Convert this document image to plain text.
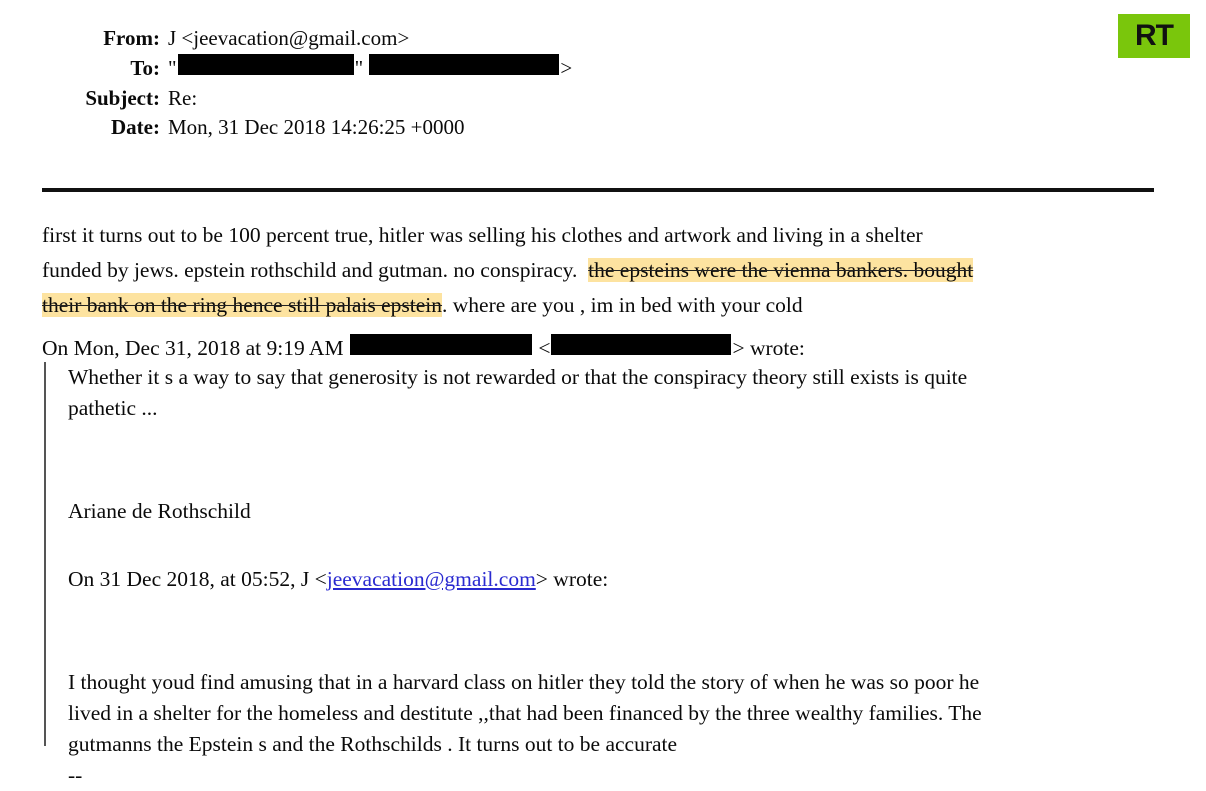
RT
From: J <jeevacation@gmail.com>
To: "	"
	>
Subject: Re:
Date: Mon, 31 Dec 2018 14:26:25 +0000

first it turns out to be 100 percent true, hitler was selling his clothes and artwork and living in a shelter

funded by jews. epstein rothschild and gutman. no conspiracy. the epsteins were the vienna bankers. bought

their bank on the ring hence still palais epstein. where are you , im in bed with your cold

On Mon, Dec 31, 2018 at 9:19 AM

	<	> wrote:

Whether it s a way to say that generosity is not rewarded or that the conspiracy theory still exists is quite

pathetic ...

Ariane de Rothschild

On 31 Dec 2018, at 05:52, J <jeevacation@gmail.com> wrote:

I thought youd find amusing that in a harvard class on hitler they told the story of when he was so poor he

lived in a shelter for the homeless and destitute ,,that had been financed by the three wealthy families. The

gutmanns the Epstein s and the Rothschilds . It turns out to be accurate

--
